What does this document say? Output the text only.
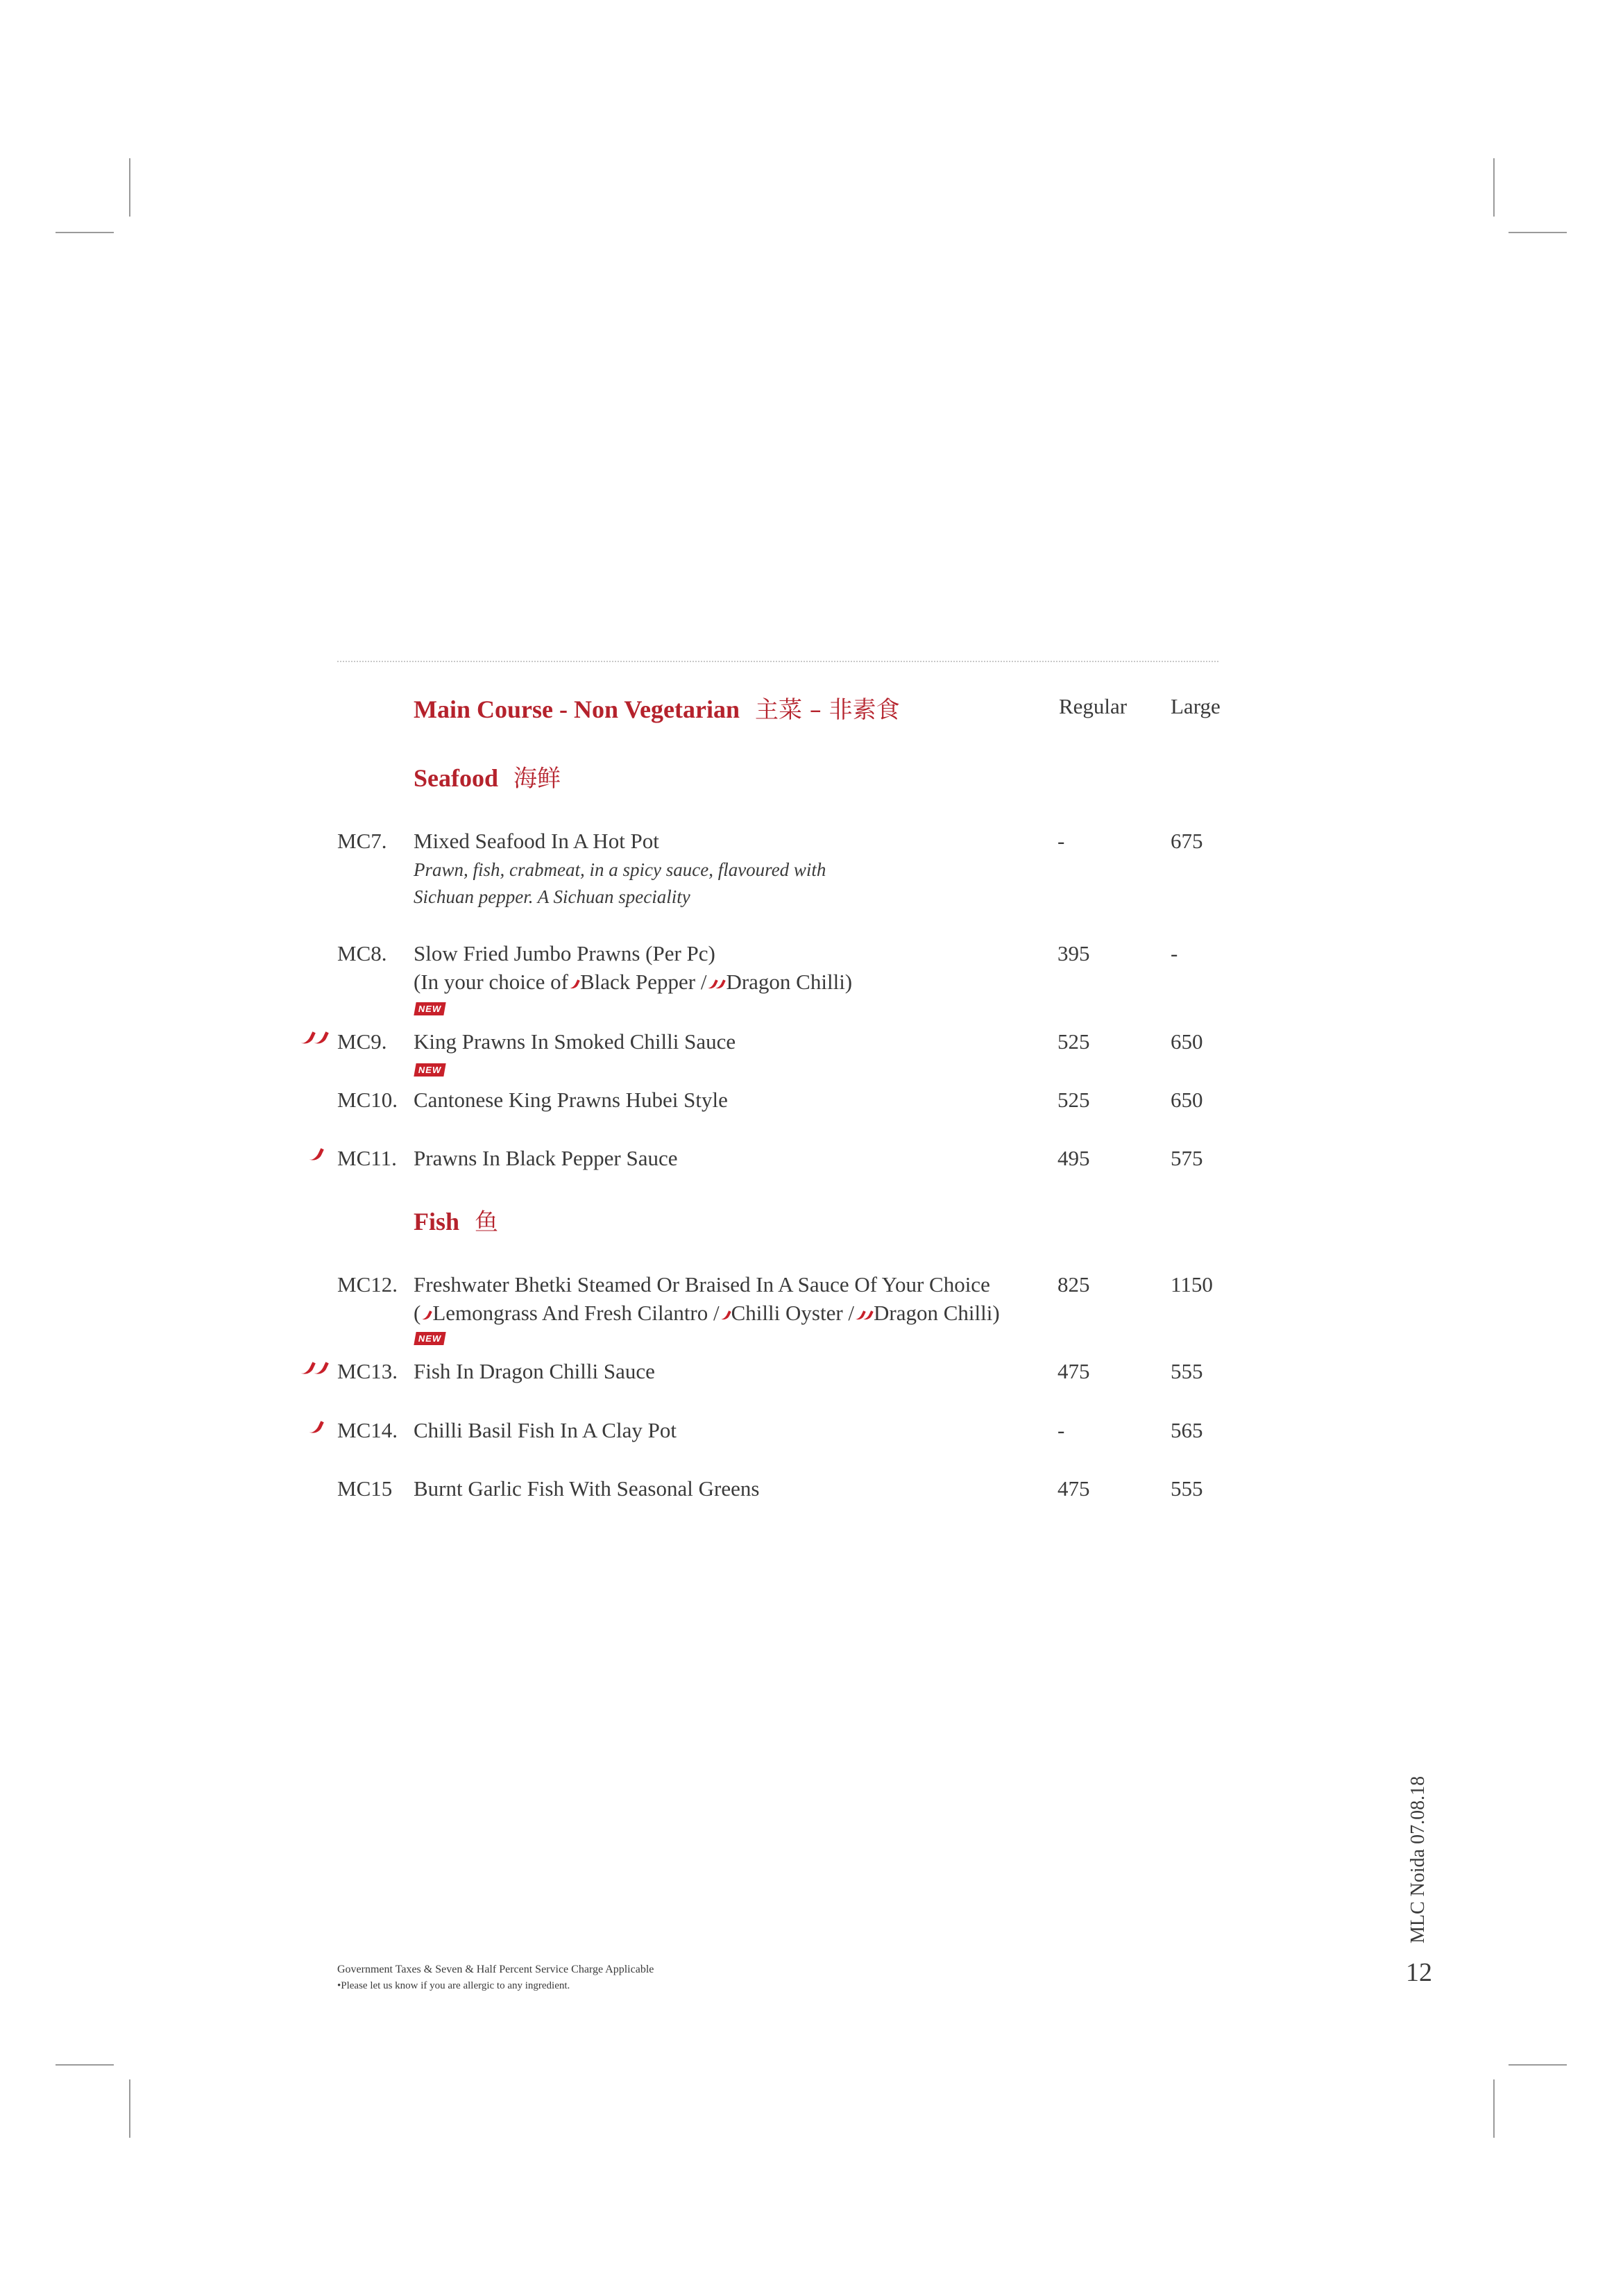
Main Course - Non Vegetarian 主菜 – 非素食	Regular Large
Seafood 海鲜
MC7. Mixed Seafood In A Hot Pot
Prawn, fish, crabmeat, in a spicy sauce, flavoured with
Sichuan pepper. A Sichuan speciality
-	675
MC8. Slow Fried Jumbo Prawns (Per Pc)
(In your choice of Black Pepper / Dragon Chilli)
395	-
NEW
MC9. King Prawns In Smoked Chilli Sauce	525	650
NEW
MC10. Cantonese King Prawns Hubei Style	525	650
MC11. Prawns In Black Pepper Sauce	495	575
Fish 鱼
MC12. Freshwater Bhetki Steamed Or Braised In A Sauce Of Your Choice
( Lemongrass And Fresh Cilantro / Chilli Oyster / Dragon Chilli)
825	1150
NEW
MC13. Fish In Dragon Chilli Sauce	475	555
MC14. Chilli Basil Fish In A Clay Pot	-	565
MC15 Burnt Garlic Fish With Seasonal Greens	475	555
Government Taxes & Seven & Half Percent Service Charge Applicable
•Please let us know if you are allergic to any ingredient.
MLC Noida 07.08.18
12
